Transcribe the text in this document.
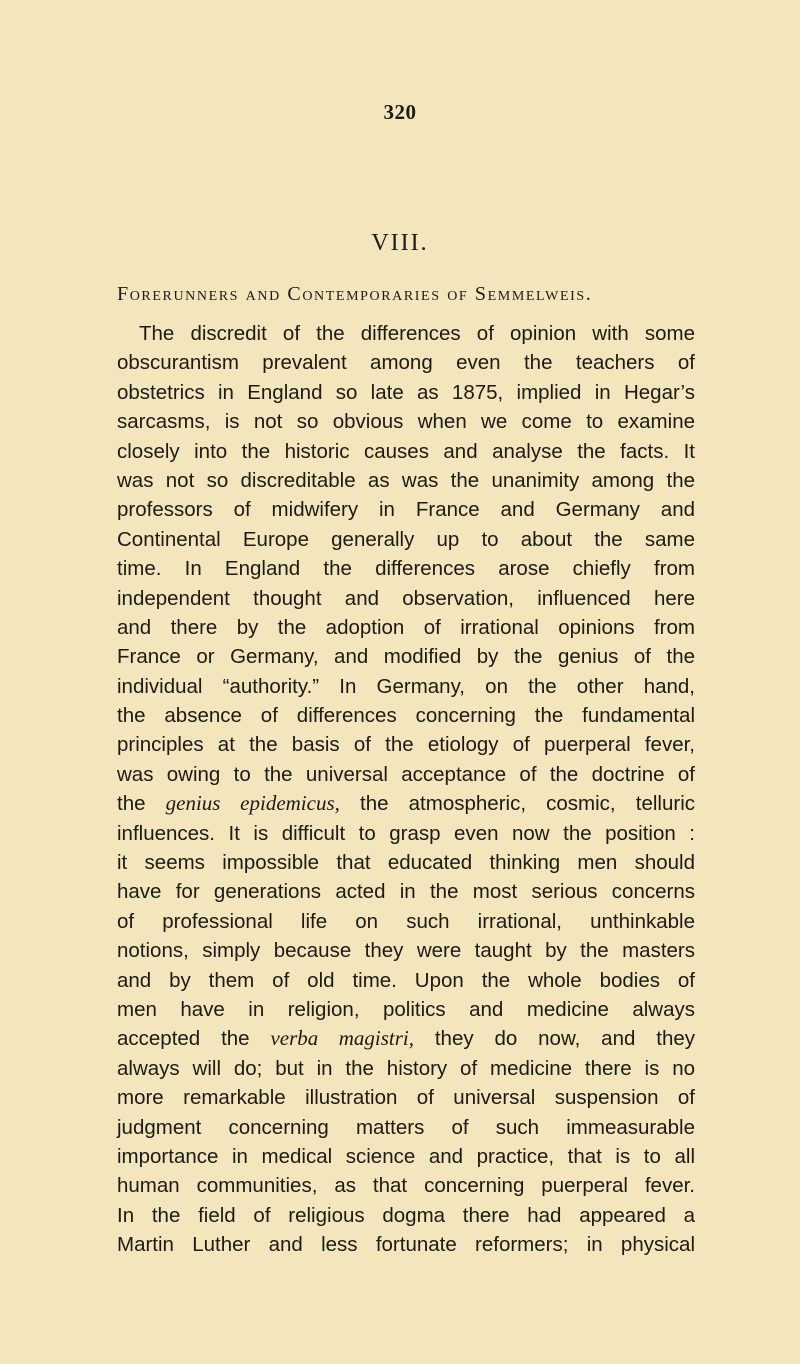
320
VIII.
Forerunners and Contemporaries of Semmelweis.
The discredit of the differences of opinion with some
obscurantism prevalent among even the teachers of
obstetrics in England so late as 1875, implied in Hegar’s
sarcasms, is not so obvious when we come to examine
closely into the historic causes and analyse the facts. It
was not so discreditable as was the unanimity among the
professors of midwifery in France and Germany and
Continental Europe generally up to about the same
time. In England the differences arose chiefly from
independent thought and observation, influenced here
and there by the adoption of irrational opinions from
France or Germany, and modified by the genius of the
individual “authority.” In Germany, on the other hand,
the absence of differences concerning the fundamental
principles at the basis of the etiology of puerperal fever,
was owing to the universal acceptance of the doctrine of
the genius epidemicus, the atmospheric, cosmic, telluric
influences. It is difficult to grasp even now the position :
it seems impossible that educated thinking men should
have for generations acted in the most serious concerns
of professional life on such irrational, unthinkable
notions, simply because they were taught by the masters
and by them of old time. Upon the whole bodies of
men have in religion, politics and medicine always
accepted the verba magistri, they do now, and they
always will do; but in the history of medicine there is no
more remarkable illustration of universal suspension of
judgment concerning matters of such immeasurable
importance in medical science and practice, that is to all
human communities, as that concerning puerperal fever.
In the field of religious dogma there had appeared a
Martin Luther and less fortunate reformers; in physical
